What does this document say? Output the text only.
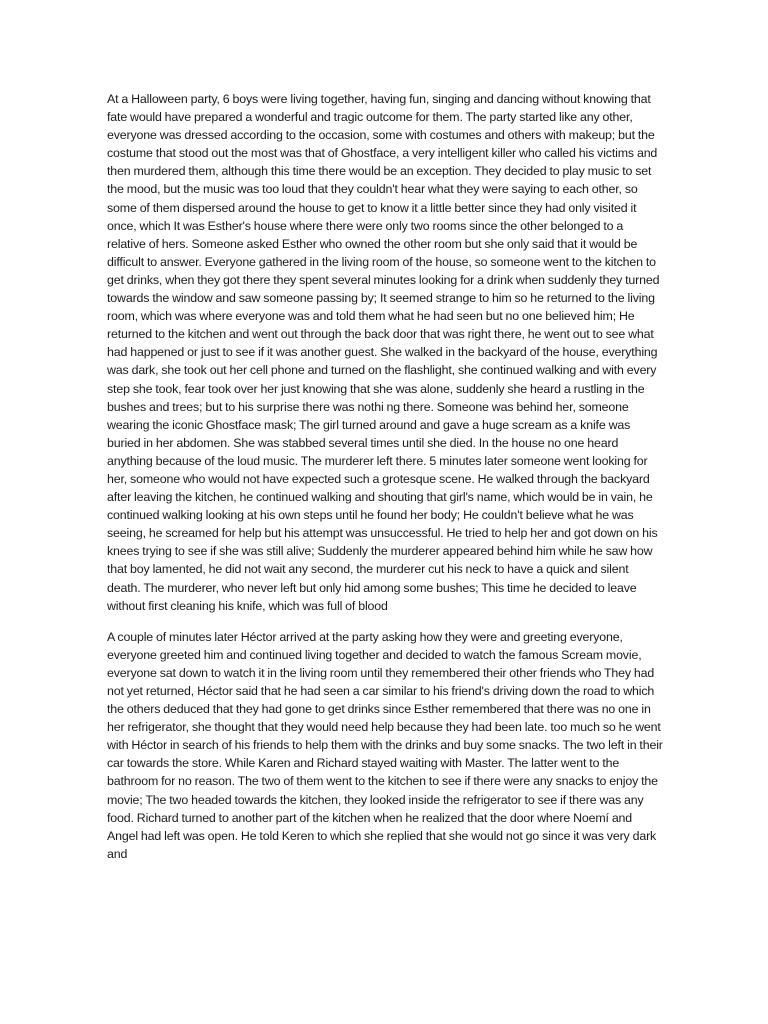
At a Halloween party, 6 boys were living together, having fun, singing and dancing without knowing that fate would have prepared a wonderful and tragic outcome for them. The party started like any other, everyone was dressed according to the occasion, some with costumes and others with makeup; but the costume that stood out the most was that of Ghostface, a very intelligent killer who called his victims and then murdered them, although this time there would be an exception. They decided to play music to set the mood, but the music was too loud that they couldn't hear what they were saying to each other, so some of them dispersed around the house to get to know it a little better since they had only visited it once, which It was Esther's house where there were only two rooms since the other belonged to a relative of hers. Someone asked Esther who owned the other room but she only said that it would be difficult to answer. Everyone gathered in the living room of the house, so someone went to the kitchen to get drinks, when they got there they spent several minutes looking for a drink when suddenly they turned towards the window and saw someone passing by; It seemed strange to him so he returned to the living room, which was where everyone was and told them what he had seen but no one believed him; He returned to the kitchen and went out through the back door that was right there, he went out to see what had happened or just to see if it was another guest. She walked in the backyard of the house, everything was dark, she took out her cell phone and turned on the flashlight, she continued walking and with every step she took, fear took over her just knowing that she was alone, suddenly she heard a rustling in the bushes and trees; but to his surprise there was nothi ng there. Someone was behind her, someone wearing the iconic Ghostface mask; The girl turned around and gave a huge scream as a knife was buried in her abdomen. She was stabbed several times until she died. In the house no one heard anything because of the loud music. The murderer left there. 5 minutes later someone went looking for her, someone who would not have expected such a grotesque scene. He walked through the backyard after leaving the kitchen, he continued walking and shouting that girl's name, which would be in vain, he continued walking looking at his own steps until he found her body; He couldn't believe what he was seeing, he screamed for help but his attempt was unsuccessful. He tried to help her and got down on his knees trying to see if she was still alive; Suddenly the murderer appeared behind him while he saw how that boy lamented, he did not wait any second, the murderer cut his neck to have a quick and silent death. The murderer, who never left but only hid among some bushes; This time he decided to leave without first cleaning his knife, which was full of blood

A couple of minutes later Héctor arrived at the party asking how they were and greeting everyone, everyone greeted him and continued living together and decided to watch the famous Scream movie, everyone sat down to watch it in the living room until they remembered their other friends who They had not yet returned, Héctor said that he had seen a car similar to his friend's driving down the road to which the others deduced that they had gone to get drinks since Esther remembered that there was no one in her refrigerator, she thought that they would need help because they had been late. too much so he went with Héctor in search of his friends to help them with the drinks and buy some snacks. The two left in their car towards the store. While Karen and Richard stayed waiting with Master. The latter went to the bathroom for no reason. The two of them went to the kitchen to see if there were any snacks to enjoy the movie; The two headed towards the kitchen, they looked inside the refrigerator to see if there was any food. Richard turned to another part of the kitchen when he realized that the door where Noemí and Angel had left was open. He told Keren to which she replied that she would not go since it was very dark and
